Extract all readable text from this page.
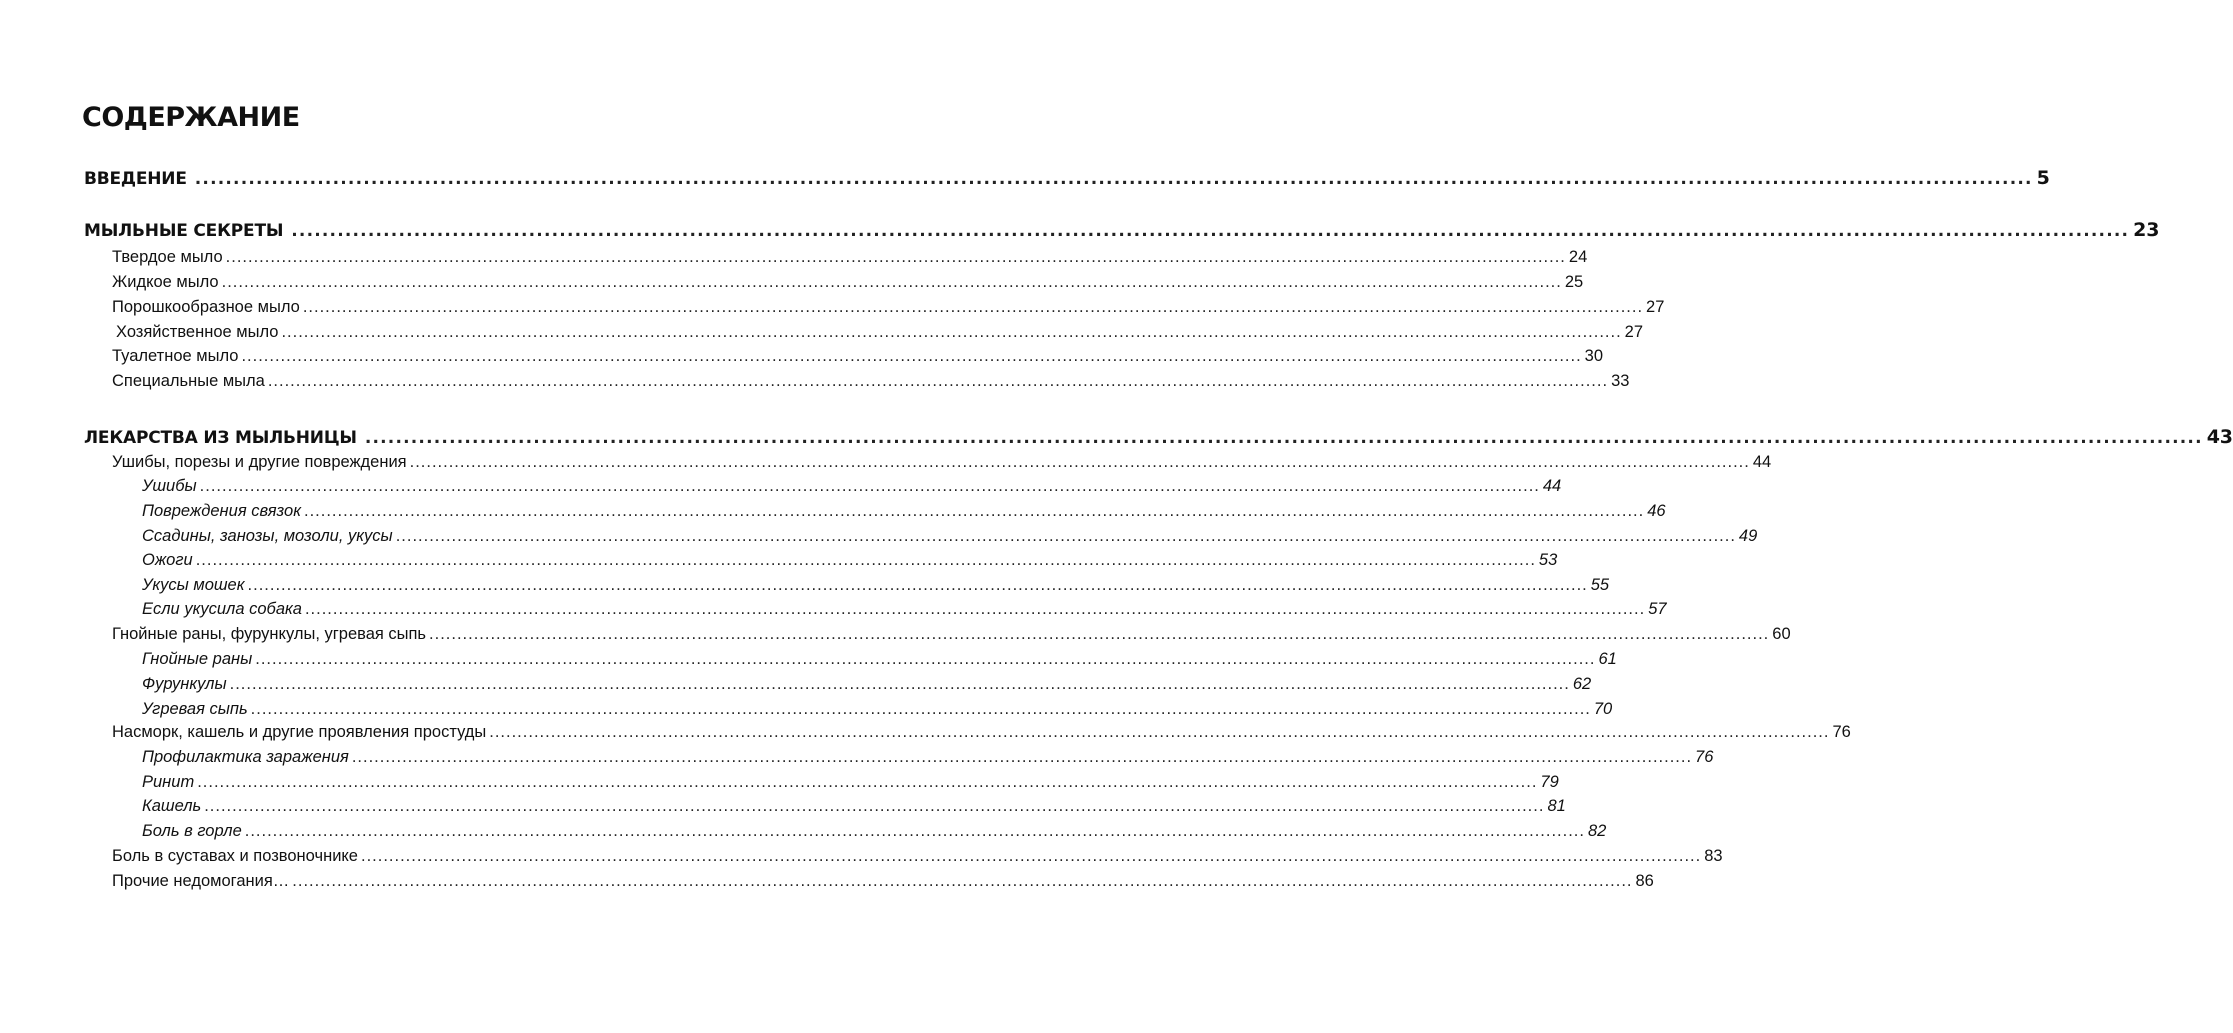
СОДЕРЖАНИЕ
ВВЕДЕНИЕ ................................................................................................................................................................................................................................................ 5
МЫЛЬНЫЕ СЕКРЕТЫ ................................................................................................................................................................................................................................................ 23
Твердое мыло ................................................................................................................................................................................................................................................ 24
Жидкое мыло ................................................................................................................................................................................................................................................ 25
Порошкообразное мыло ................................................................................................................................................................................................................................................ 27
Хозяйственное мыло ................................................................................................................................................................................................................................................ 27
Туалетное мыло ................................................................................................................................................................................................................................................ 30
Специальные мыла ................................................................................................................................................................................................................................................ 33
ЛЕКАРСТВА ИЗ МЫЛЬНИЦЫ ................................................................................................................................................................................................................................................ 43
Ушибы, порезы и другие повреждения ................................................................................................................................................................................................................................................ 44
Ушибы ................................................................................................................................................................................................................................................ 44
Повреждения связок ................................................................................................................................................................................................................................................ 46
Ссадины, занозы, мозоли, укусы ................................................................................................................................................................................................................................................ 49
Ожоги ................................................................................................................................................................................................................................................ 53
Укусы мошек ................................................................................................................................................................................................................................................ 55
Если укусила собака ................................................................................................................................................................................................................................................ 57
Гнойные раны, фурункулы, угревая сыпь ................................................................................................................................................................................................................................................ 60
Гнойные раны ................................................................................................................................................................................................................................................ 61
Фурункулы ................................................................................................................................................................................................................................................ 62
Угревая сыпь ................................................................................................................................................................................................................................................ 70
Насморк, кашель и другие проявления простуды ................................................................................................................................................................................................................................................ 76
Профилактика заражения ................................................................................................................................................................................................................................................ 76
Ринит ................................................................................................................................................................................................................................................ 79
Кашель ................................................................................................................................................................................................................................................ 81
Боль в горле ................................................................................................................................................................................................................................................ 82
Боль в суставах и позвоночнике ................................................................................................................................................................................................................................................ 83
Прочие недомогания… ................................................................................................................................................................................................................................................ 86
